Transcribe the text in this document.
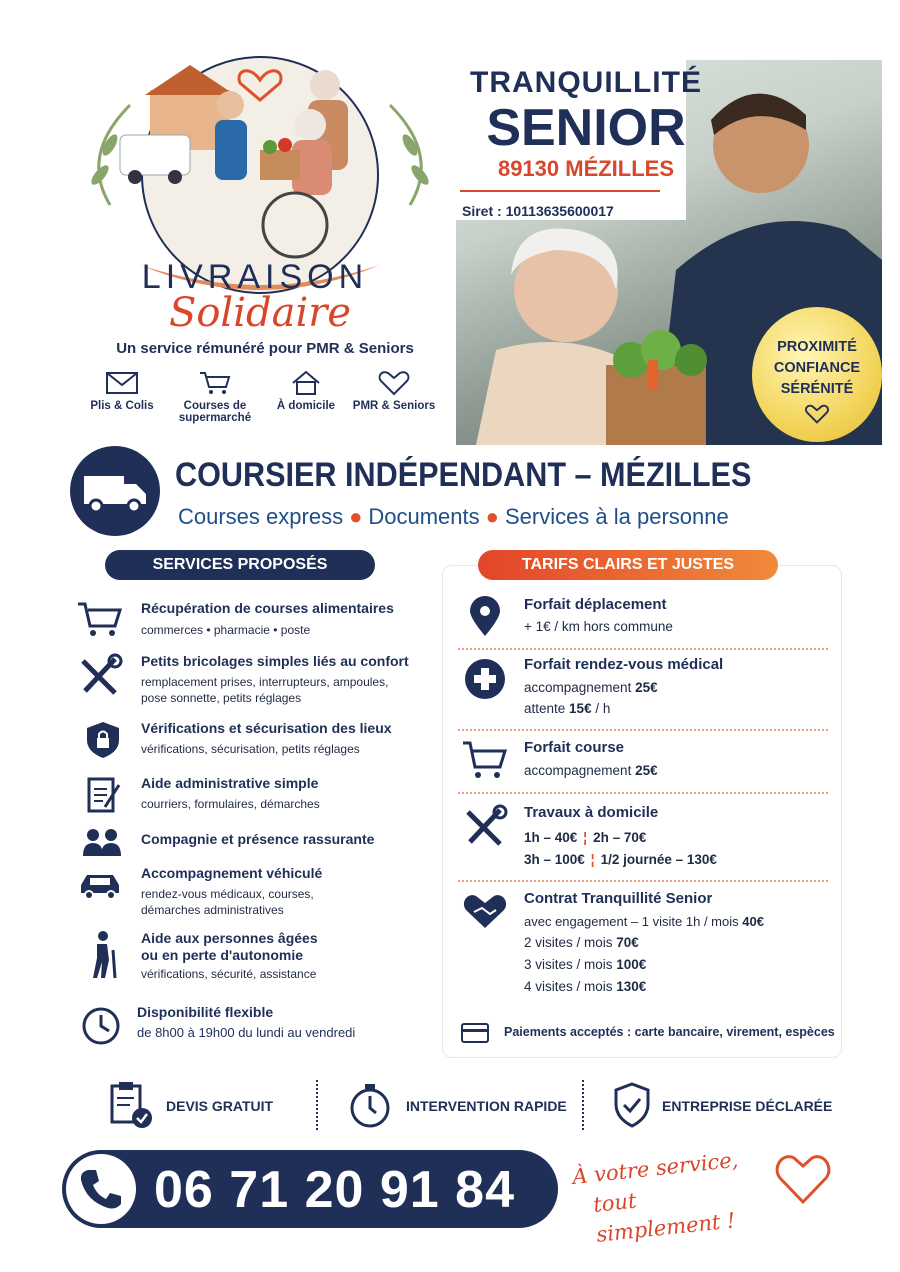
LIVRAISON
Solidaire
Un service rémunéré pour PMR & Seniors
Plis & Colis	Courses de supermarché
À domicile	PMR & Seniors
TRANQUILLITÉ
SENIOR
89130 MÉZILLES
Siret : 10113635600017
PROXIMITÉ
CONFIANCE
SÉRÉNITÉ
COURSIER INDÉPENDANT – MÉZILLES
Courses express ● Documents ● Services à la personne
SERVICES PROPOSÉS
Récupération de courses alimentaires
commerces • pharmacie • poste
Petits bricolages simples liés au confort
remplacement prises, interrupteurs, ampoules,
pose sonnette, petits réglages
Vérifications et sécurisation des lieux
vérifications, sécurisation, petits réglages
Aide administrative simple
courriers, formulaires, démarches
Compagnie et présence rassurante
Accompagnement véhiculé
rendez-vous médicaux, courses,
démarches administratives
Aide aux personnes âgées
ou en perte d'autonomie
vérifications, sécurité, assistance
Disponibilité flexible
de 8h00 à 19h00 du lundi au vendredi
TARIFS CLAIRS ET JUSTES
Forfait déplacement
+ 1€ / km hors commune
Forfait rendez-vous médical
accompagnement 25€
attente 15€ / h
Forfait course
accompagnement 25€
Travaux à domicile
1h – 40€ ¦ 2h – 70€
3h – 100€ ¦ 1/2 journée – 130€
Contrat Tranquillité Senior
avec engagement – 1 visite 1h / mois 40€
2 visites / mois 70€
3 visites / mois 100€
4 visites / mois 130€
Paiements acceptés : carte bancaire, virement, espèces
DEVIS GRATUIT	INTERVENTION RAPIDE	ENTREPRISE DÉCLARÉE
06 71 20 91 84	À votre service,
tout simplement !
